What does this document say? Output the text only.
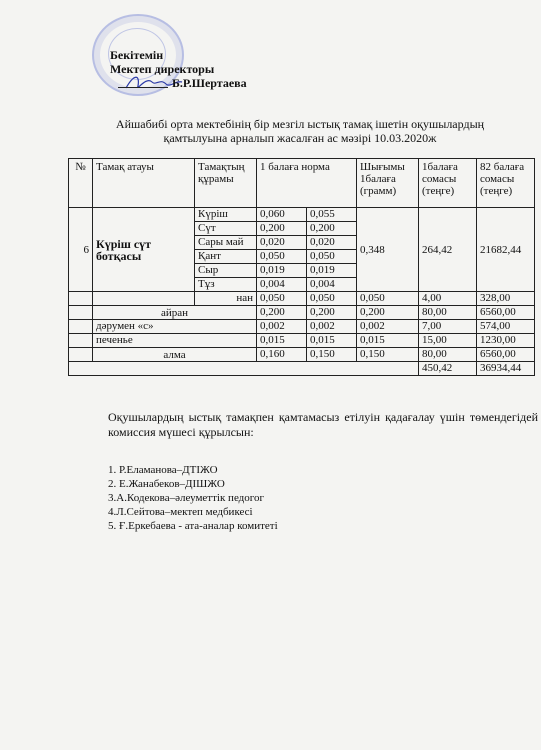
Бекітемін
Мектеп директоры
Б.Р.Шертаева
Айшабибі орта мектебінің бір мезгіл ыстық тамақ ішетін оқушылардың
қамтылуына арналып жасалған ас мәзірі 10.03.2020ж
№	Тамақ атауы	Тамақтың құрамы	1 балаға норма		Шығымы 1балаға (грамм)	1балаға сомасы (теңге)	82 балаға сомасы (теңге)
6	Күріш сүт ботқасы	Күріш	0,060	0,055	0,348	264,42	21682,44
		Сүт	0,200	0,200			
		Сары май	0,020	0,020			
		Қант	0,050	0,050			
		Сыр	0,019	0,019			
		Тұз	0,004	0,004			
		нан	0,050	0,050	0,050	4,00	328,00
	айран		0,200	0,200	0,200	80,00	6560,00
	дәрумен «с»		0,002	0,002	0,002	7,00	574,00
	печенье		0,015	0,015	0,015	15,00	1230,00
	алма		0,160	0,150	0,150	80,00	6560,00
						450,42	36934,44
Оқушылардың ыстық тамақпен қамтамасыз етілуін қадағалау үшін төмендегідей комиссия мүшесі құрылсын:
1. Р.Еламанова–ДТІЖО
2. Е.Жанабеков–ДІШЖО
3.А.Кодекова–әлеуметтік педогог
4.Л.Сейтова–мектеп медбикесі
5. Ғ.Еркебаева - ата-аналар комитеті
